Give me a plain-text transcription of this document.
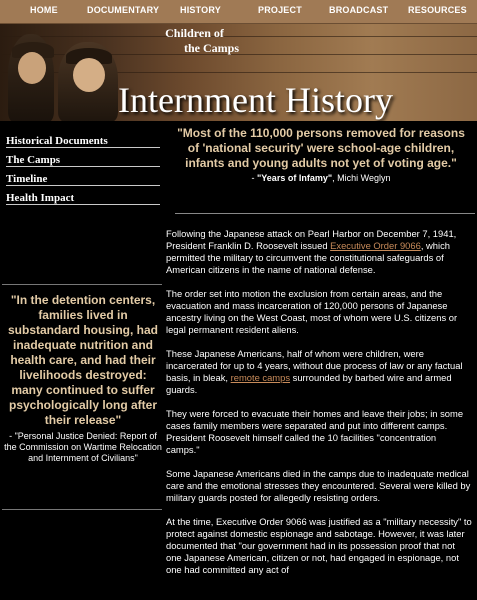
HOME	DOCUMENTARY HISTORY	PROJECT	BROADCAST RESOURCES
Children of
the Camps
Internment History
Historical Documents
The Camps
Timeline
Health Impact
"Most of the 110,000 persons removed for reasons of 'national security' were school-age children, infants and young adults not yet of voting age."
- "Years of Infamy", Michi Weglyn
"In the detention centers, families lived in substandard housing, had inadequate nutrition and health care, and had their livelihoods destroyed: many continued to suffer psychologically long after their release"
- "Personal Justice Denied: Report of the Commission on Wartime Relocation and Internment of Civilians"

Following the Japanese attack on Pearl Harbor on December 7, 1941, President Franklin D. Roosevelt issued Executive Order 9066, which permitted the military to circumvent the constitutional safeguards of American citizens in the name of national defense.

The order set into motion the exclusion from certain areas, and the evacuation and mass incarceration of 120,000 persons of Japanese ancestry living on the West Coast, most of whom were U.S. citizens or legal permanent resident aliens.

These Japanese Americans, half of whom were children, were incarcerated for up to 4 years, without due process of law or any factual basis, in bleak, remote camps surrounded by barbed wire and armed guards.

They were forced to evacuate their homes and leave their jobs; in some cases family members were separated and put into different camps. President Roosevelt himself called the 10 facilities "concentration camps."

Some Japanese Americans died in the camps due to inadequate medical care and the emotional stresses they encountered. Several were killed by military guards posted for allegedly resisting orders.

At the time, Executive Order 9066 was justified as a "military necessity" to protect against domestic espionage and sabotage. However, it was later documented that "our government had in its possession proof that not one Japanese American, citizen or not, had engaged in espionage, not one had committed any act of
